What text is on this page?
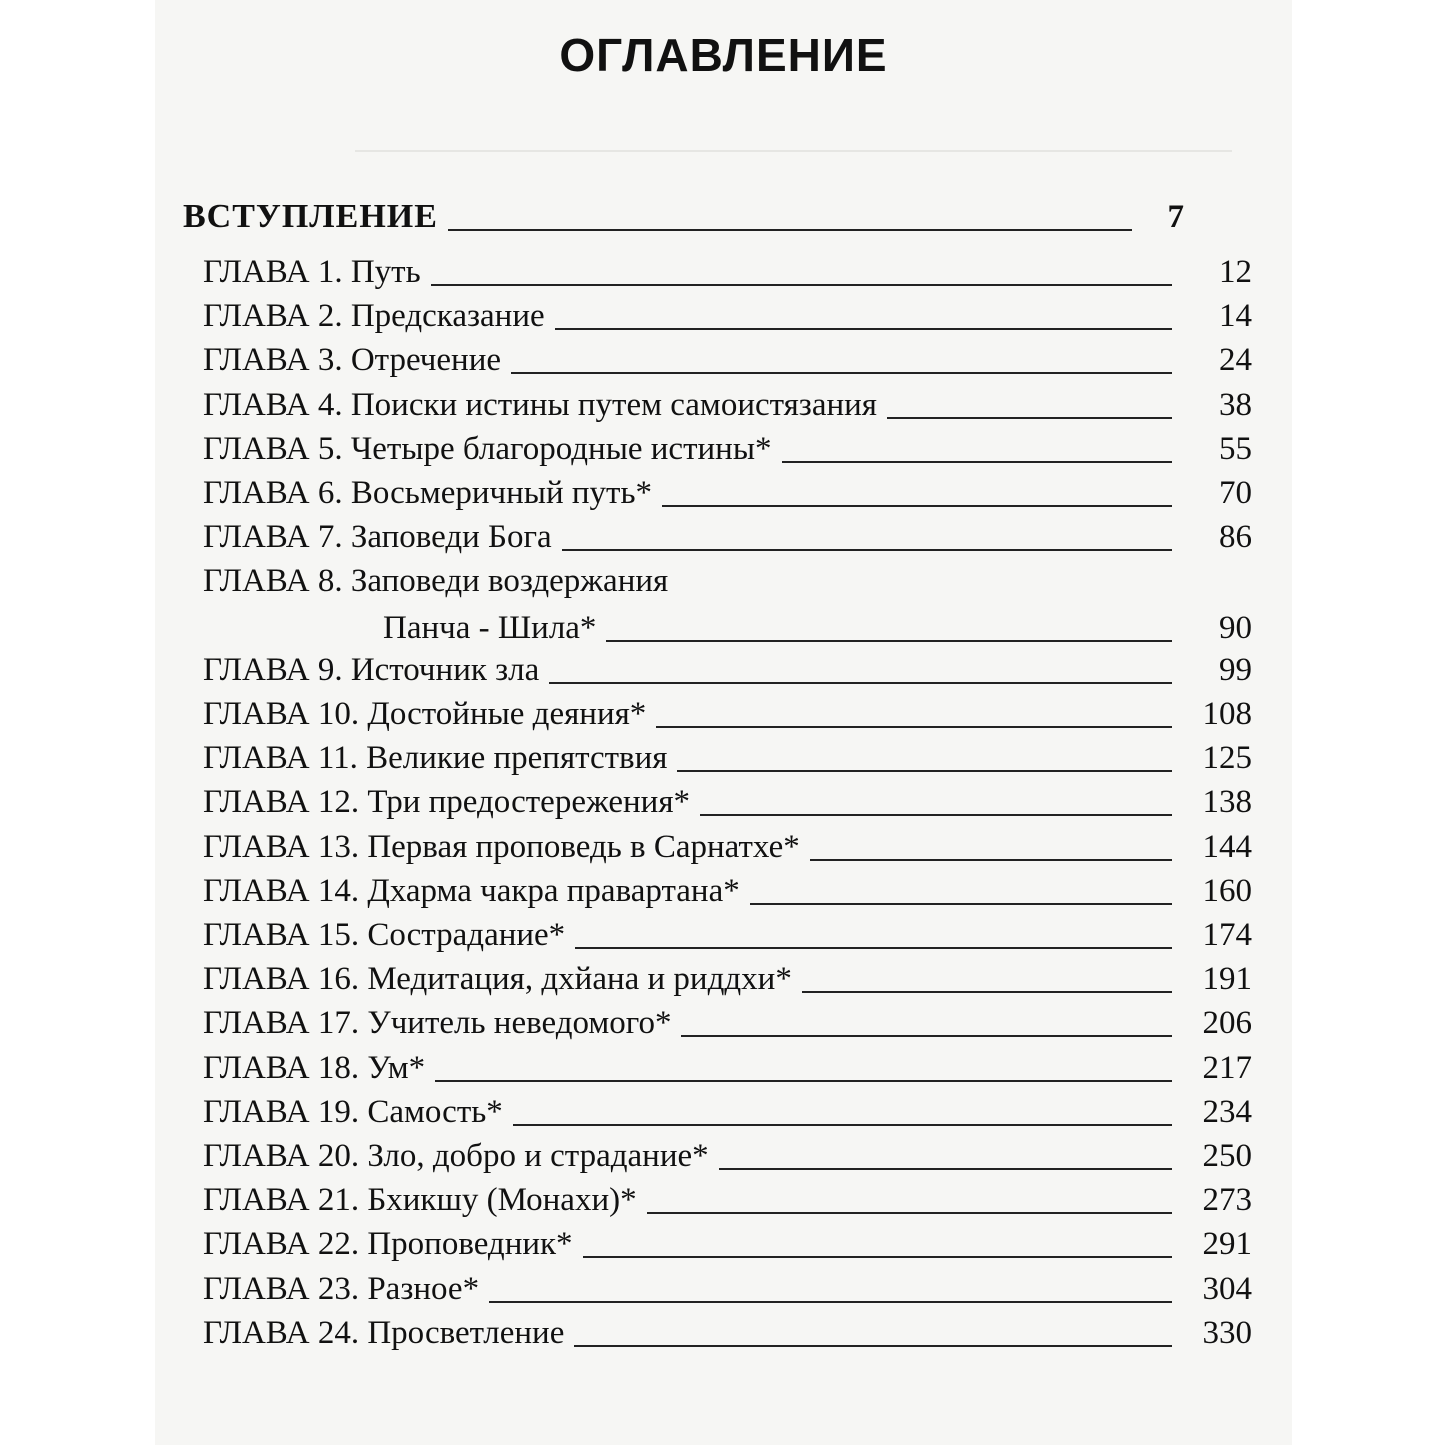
ОГЛАВЛЕНИЕ
ВСТУПЛЕНИЕ	7
ГЛАВА 1. Путь	12
ГЛАВА 2. Предсказание	14
ГЛАВА 3. Отречение	24
ГЛАВА 4. Поиски истины путем самоистязания	38
ГЛАВА 5. Четыре благородные истины*	55
ГЛАВА 6. Восьмеричный путь*	70
ГЛАВА 7. Заповеди Бога	86
ГЛАВА 8. Заповеди воздержания
Панча - Шила*	90
ГЛАВА 9. Источник зла	99
ГЛАВА 10. Достойные деяния*	108
ГЛАВА 11. Великие препятствия	125
ГЛАВА 12. Три предостережения*	138
ГЛАВА 13. Первая проповедь в Сарнатхе*	144
ГЛАВА 14. Дхарма чакра правартана*	160
ГЛАВА 15. Сострадание*	174
ГЛАВА 16. Медитация, дхйана и риддхи*	191
ГЛАВА 17. Учитель неведомого*	206
ГЛАВА 18. Ум*	217
ГЛАВА 19. Самость*	234
ГЛАВА 20. Зло, добро и страдание*	250
ГЛАВА 21. Бхикшу (Монахи)*	273
ГЛАВА 22. Проповедник*	291
ГЛАВА 23. Разное*	304
ГЛАВА 24. Просветление	330
